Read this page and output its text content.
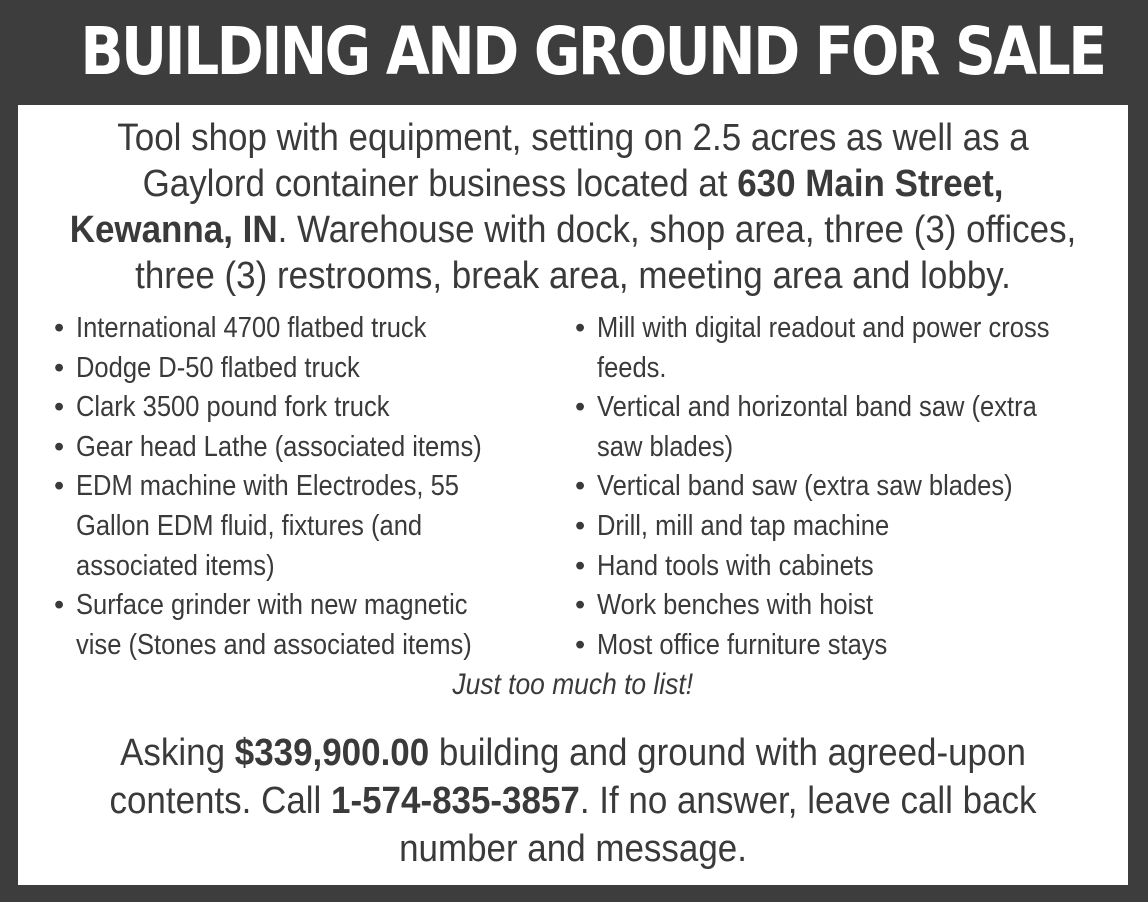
BUILDING AND GROUND FOR SALE
Tool shop with equipment, setting on 2.5 acres as well as a
Gaylord container business located at 630 Main Street,
Kewanna, IN. Warehouse with dock, shop area, three (3) offices,
three (3) restrooms, break area, meeting area and lobby.
• International 4700 flatbed truck
• Dodge D-50 flatbed truck
• Clark 3500 pound fork truck
• Gear head Lathe (associated items)
• EDM machine with Electrodes, 55
Gallon EDM fluid, fixtures (and
associated items)
• Surface grinder with new magnetic
vise (Stones and associated items)
• Mill with digital readout and power cross
feeds.
• Vertical and horizontal band saw (extra
saw blades)
• Vertical band saw (extra saw blades)
• Drill, mill and tap machine
• Hand tools with cabinets
• Work benches with hoist
• Most office furniture stays
Just too much to list!
Asking $339,900.00 building and ground with agreed-upon
contents. Call 1-574-835-3857. If no answer, leave call back
number and message.
